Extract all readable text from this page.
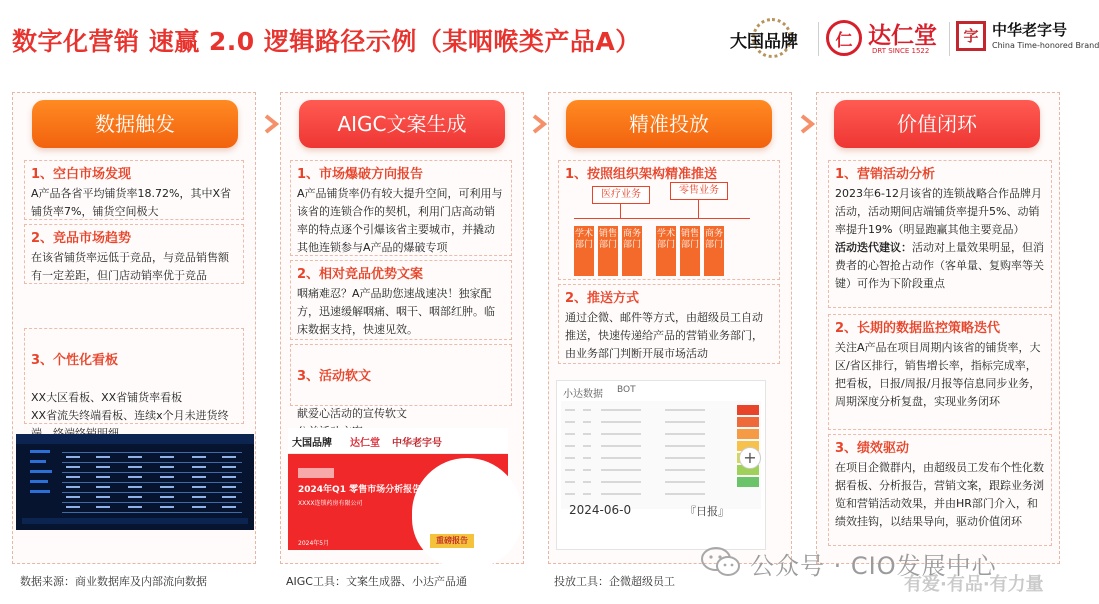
数字化营销 速赢 2.0 逻辑路径示例（某咽喉类产品A）	大国品牌	仁 达仁堂
DRT SINCE 1522
字 中华老字号
China Time-honored Brand
数据触发	AIGC文案生成	精准投放	价值闭环
1、空白市场发现
A产品各省平均铺货率18.72%，其中X省铺货率7%，铺货空间极大
2、竞品市场趋势
在该省铺货率远低于竞品，与竞品销售额有一定差距，但门店动销率优于竞品

3、个性化看板

XX大区看板、XX省铺货率看板
XX省流失终端看板、连续x个月未进货终

数据来源：商业数据库及内部流向数据
1、市场爆破方向报告
A产品铺货率仍有较大提升空间，可利用与该省的连锁合作的契机，利用门店高动销率的特点逐个引爆该省主要城市，并撬动其他连锁参与A产品的爆破专项
2、相对竞品优势文案
咽痛难忍？A产品助您速战速决！独家配方，迅速缓解咽痛、咽干、咽部红肿。临床数据支持，快速见效。

3、活动软文

献爱心活动的宣传软文

大国品牌 达仁堂 中华老字号
2024年Q1 零售市场分析报告
XXXX连锁药房有限公司
2024年5月	重磅报告
AIGC工具：文案生成器、小达产品通
1、按照组织架构精准推送
医疗业务	零售业务
学术部门
销售部门
商务部门
学术部门
销售部门
商务部门
2、推送方式
通过企微、邮件等方式，由超级员工自动推送，快速传递给产品的营销业务部门，由业务部门判断开展市场活动
小达数据 BOT
+
2024-06-0	『日报』
投放工具：企微超级员工
1、营销活动分析
2023年6-12月该省的连锁战略合作品牌月活动，活动期间店端铺货率提升5%、动销率提升19%（明显跑赢其他主要竞品）
活动迭代建议：活动对上量效果明显，但消费者的心智抢占动作（客单量、复购率等关键）可作为下阶段重点
2、长期的数据监控策略迭代
关注A产品在项目周期内该省的铺货率，大区/省区排行，销售增长率，指标完成率，把看板，日报/周报/月报等信息同步业务，周期深度分析复盘，实现业务闭环
3、绩效驱动
在项目企微群内，由超级员工发布个性化数据看板、分析报告，营销文案，跟踪业务浏览和营销活动效果，并由HR部门介入，和绩效挂钩，以结果导向，驱动价值闭环
公众号 · CIO发展中心
有爱·有品·有力量
